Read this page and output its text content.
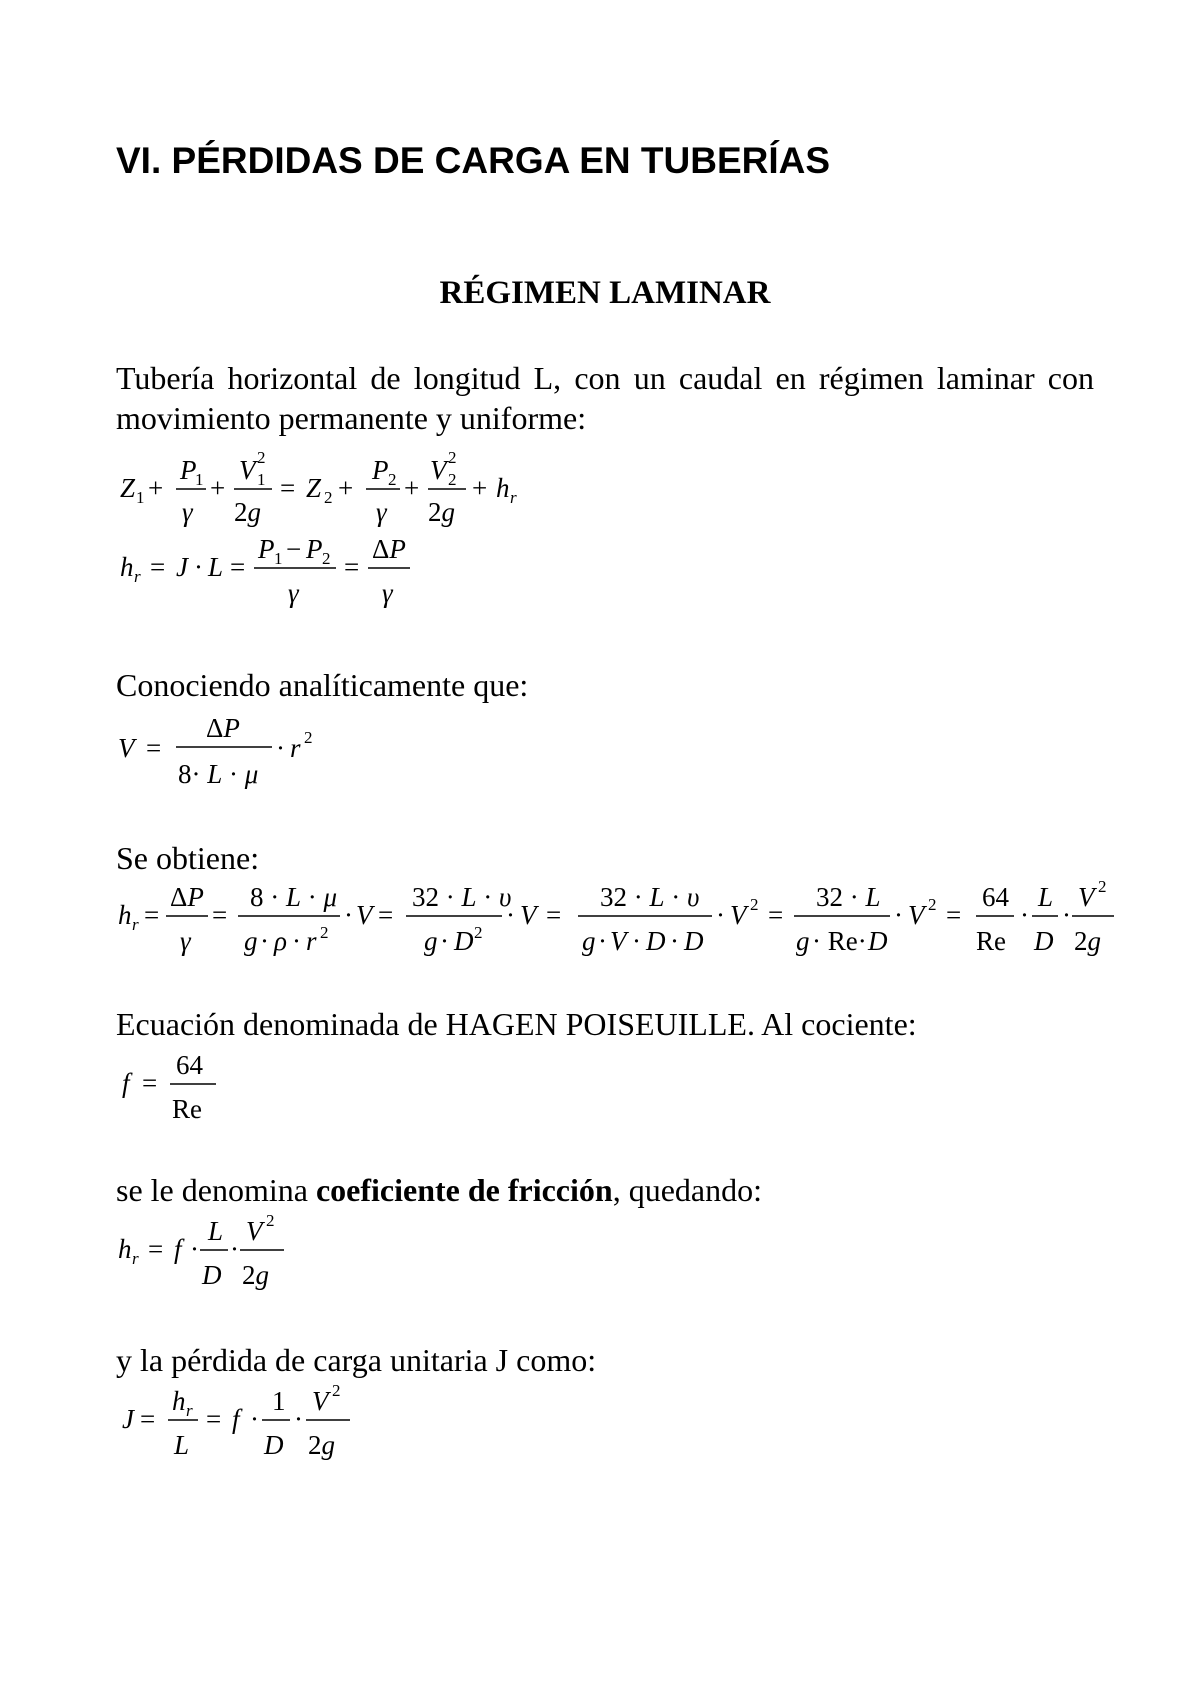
VI. PÉRDIDAS DE CARGA EN TUBERÍAS
RÉGIMEN LAMINAR

Tubería horizontal de longitud L, con un caudal en régimen laminar con movimiento permanente y uniforme:

Z 1 +
P
1
γ
+
V 1
2
2g
= Z 2 +
P 2
γ
+
V 2
2
2g
+ h r
h r = J · L =
P 1 − P 2
γ
=
ΔP
γ

Conociendo analíticamente que:

V =
ΔP
8· L · μ
· r 2

Se obtiene:

h r =
ΔP
γ
=
8 · L · μ
g · ρ · r 2
· V =
32 · L · υ
g · D 2
· V =
32 · L · υ
g · V · D · D
· V 2 =
32 · L
g · Re· D
· V 2 =
64
Re
·
L
D
·
V 2
2g

Ecuación denominada de HAGEN POISEUILLE. Al cociente:

f =
64
Re

se le denomina coeficiente de fricción, quedando:

h r = f ·
L
D
·
V 2
2g

y la pérdida de carga unitaria J como:

J =
h r
L
= f ·
1
D
·
V 2
2g
